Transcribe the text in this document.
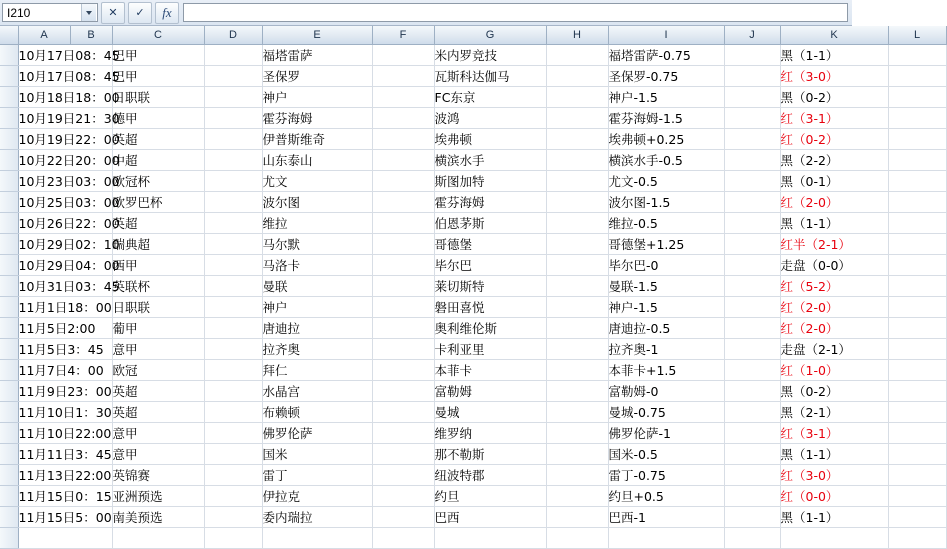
I210	✕	✓	fx
	A	B	C	D	E	F	G	H	I	J	K	L
	10月17日08：45		巴甲		福塔雷萨		米内罗竞技		福塔雷萨-0.75		黑（1-1）	
	10月17日08：45		巴甲		圣保罗		瓦斯科达伽马		圣保罗-0.75		红（3-0）	
	10月18日18：00		日职联		神户		FC东京		神户-1.5		黑（0-2）	
	10月19日21：30		德甲		霍芬海姆		波鸿		霍芬海姆-1.5		红（3-1）	
	10月19日22：00		英超		伊普斯维奇		埃弗顿		埃弗顿+0.25		红（0-2）	
	10月22日20：00		中超		山东泰山		横滨水手		横滨水手-0.5		黑（2-2）	
	10月23日03：00		欧冠杯		尤文		斯图加特		尤文-0.5		黑（0-1）	
	10月25日03：00		欧罗巴杯		波尔图		霍芬海姆		波尔图-1.5		红（2-0）	
	10月26日22：00		英超		维拉		伯恩茅斯		维拉-0.5		黑（1-1）	
	10月29日02：10		瑞典超		马尔默		哥德堡		哥德堡+1.25		红半（2-1）	
	10月29日04：00		西甲		马洛卡		毕尔巴		毕尔巴-0		走盘（0-0）	
	10月31日03：45		英联杯		曼联		莱切斯特		曼联-1.5		红（5-2）	
	11月1日18：00		日职联		神户		磐田喜悦		神户-1.5		红（2-0）	
	11月5日2:00		葡甲		唐迪拉		奥利维伦斯		唐迪拉-0.5		红（2-0）	
	11月5日3：45		意甲		拉齐奥		卡利亚里		拉齐奥-1		走盘（2-1）	
	11月7日4：00		欧冠		拜仁		本菲卡		本菲卡+1.5		红（1-0）	
	11月9日23：00		英超		水晶宫		富勒姆		富勒姆-0		黑（0-2）	
	11月10日1：30		英超		布赖顿		曼城		曼城-0.75		黑（2-1）	
	11月10日22:00		意甲		佛罗伦萨		维罗纳		佛罗伦萨-1		红（3-1）	
	11月11日3：45		意甲		国米		那不勒斯		国米-0.5		黑（1-1）	
	11月13日22:00		英锦赛		雷丁		纽波特郡		雷丁-0.75		红（3-0）	
	11月15日0：15		亚洲预选		伊拉克		约旦		约旦+0.5		红（0-0）	
	11月15日5：00		南美预选		委内瑞拉		巴西		巴西-1		黑（1-1）	
